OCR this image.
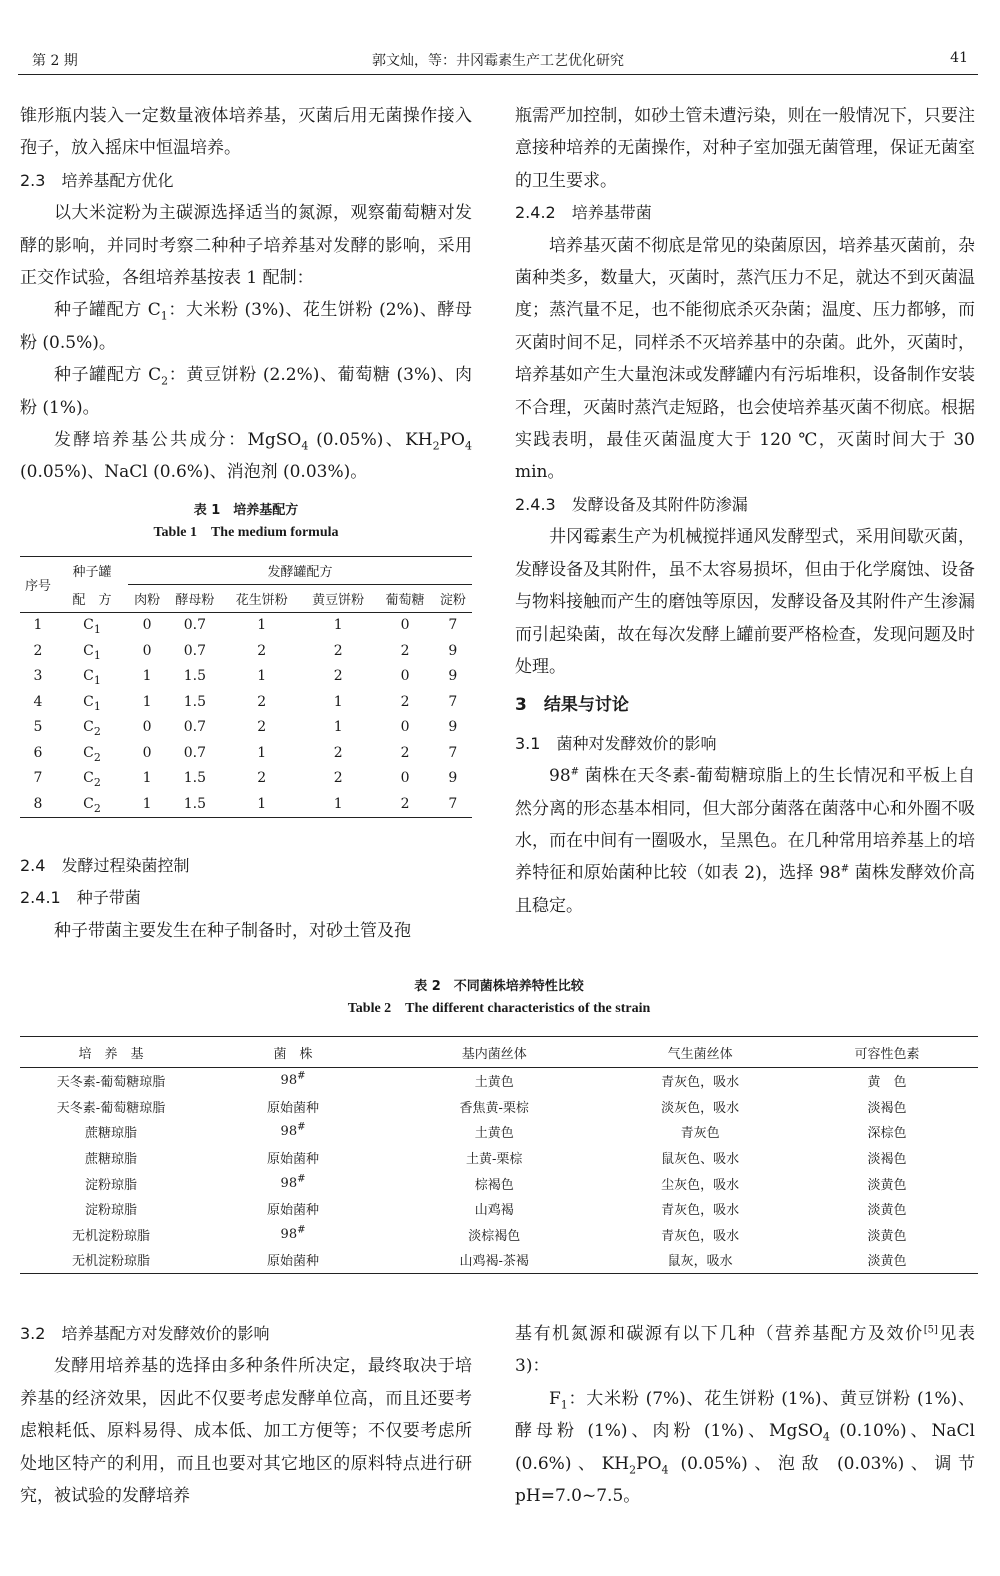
第 2 期	郭文灿，等：井冈霉素生产工艺优化研究	41

锥形瓶内装入一定数量液体培养基，灭菌后用无菌操作接入孢子，放入摇床中恒温培养。

2.3　培养基配方优化

以大米淀粉为主碳源选择适当的氮源，观察葡萄糖对发酵的影响，并同时考察二种种子培养基对发酵的影响，采用正交作试验，各组培养基按表 1 配制：

种子罐配方 $C_1$：大米粉 (3%)、花生饼粉 (2%)、酵母粉 (0.5%)。

种子罐配方 $C_2$：黄豆饼粉 (2.2%)、葡萄糖 (3%)、肉粉 (1%)。

发酵培养基公共成分：MgSO$_4$ (0.05%)、$KH_2PO_4$ (0.05%)、NaCl (0.6%)、消泡剂 (0.03%)。

表 1　培养基配方
Table 1　The medium formula
序号	种子罐	发酵罐配方					
	配　方	肉粉	酵母粉	花生饼粉	黄豆饼粉	葡萄糖	淀粉
1	$C_1$	0	0.7	1	1	0	7
2	$C_1$	0	0.7	2	2	2	9
3	$C_1$	1	1.5	1	2	0	9
4	$C_1$	1	1.5	2	1	2	7
5	$C_2$	0	0.7	2	1	0	9
6	$C_2$	0	0.7	1	2	2	7
7	$C_2$	1	1.5	2	2	0	9
8	$C_2$	1	1.5	1	1	2	7

2.4　发酵过程染菌控制

2.4.1　种子带菌

种子带菌主要发生在种子制备时，对砂土管及孢

瓶需严加控制，如砂土管未遭污染，则在一般情况下，只要注意接种培养的无菌操作，对种子室加强无菌管理，保证无菌室的卫生要求。

2.4.2　培养基带菌

培养基灭菌不彻底是常见的染菌原因，培养基灭菌前，杂菌种类多，数量大，灭菌时，蒸汽压力不足，就达不到灭菌温度；蒸汽量不足，也不能彻底杀灭杂菌；温度、压力都够，而灭菌时间不足，同样杀不灭培养基中的杂菌。此外，灭菌时，培养基如产生大量泡沫或发酵罐内有污垢堆积，设备制作安装不合理，灭菌时蒸汽走短路，也会使培养基灭菌不彻底。根据实践表明，最佳灭菌温度大于 120 ℃，灭菌时间大于 30 min。

2.4.3　发酵设备及其附件防渗漏

井冈霉素生产为机械搅拌通风发酵型式，采用间歇灭菌，发酵设备及其附件，虽不太容易损坏，但由于化学腐蚀、设备与物料接触而产生的磨蚀等原因，发酵设备及其附件产生渗漏而引起染菌，故在每次发酵上罐前要严格检查，发现问题及时处理。

3　结果与讨论

3.1　菌种对发酵效价的影响

98# 菌株在天冬素-葡萄糖琼脂上的生长情况和平板上自然分离的形态基本相同，但大部分菌落在菌落中心和外圈不吸水，而在中间有一圈吸水，呈黑色。在几种常用培养基上的培养特征和原始菌种比较（如表 2)，选择 98# 菌株发酵效价高且稳定。

表 2　不同菌株培养特性比较
Table 2　The different characteristics of the strain
培　养　基	菌　株	基内菌丝体	气生菌丝体	可容性色素
天冬素-葡萄糖琼脂	98#	土黄色	青灰色，吸水	黄　色
天冬素-葡萄糖琼脂	原始菌种	香焦黄-栗棕	淡灰色，吸水	淡褐色
蔗糖琼脂	98#	土黄色	青灰色	深棕色
蔗糖琼脂	原始菌种	土黄-栗棕	鼠灰色、吸水	淡褐色
淀粉琼脂	98#	棕褐色	尘灰色，吸水	淡黄色
淀粉琼脂	原始菌种	山鸡褐	青灰色，吸水	淡黄色
无机淀粉琼脂	98#	淡棕褐色	青灰色，吸水	淡黄色
无机淀粉琼脂	原始菌种	山鸡褐-茶褐	鼠灰，吸水	淡黄色

3.2　培养基配方对发酵效价的影响

发酵用培养基的选择由多种条件所决定，最终取决于培养基的经济效果，因此不仅要考虑发酵单位高，而且还要考虑粮耗低、原料易得、成本低、加工方便等；不仅要考虑所处地区特产的利用，而且也要对其它地区的原料特点进行研究，被试验的发酵培养

基有机氮源和碳源有以下几种（营养基配方及效价[5]见表 3)：

$F_1$：大米粉 (7%)、花生饼粉 (1%)、黄豆饼粉 (1%)、酵母粉 (1%)、肉粉 (1%)、MgSO$_4$ (0.10%)、NaCl (0.6%)、$KH_2PO_4$ (0.05%)、泡敌 (0.03%)、调节 pH=7.0~7.5。
